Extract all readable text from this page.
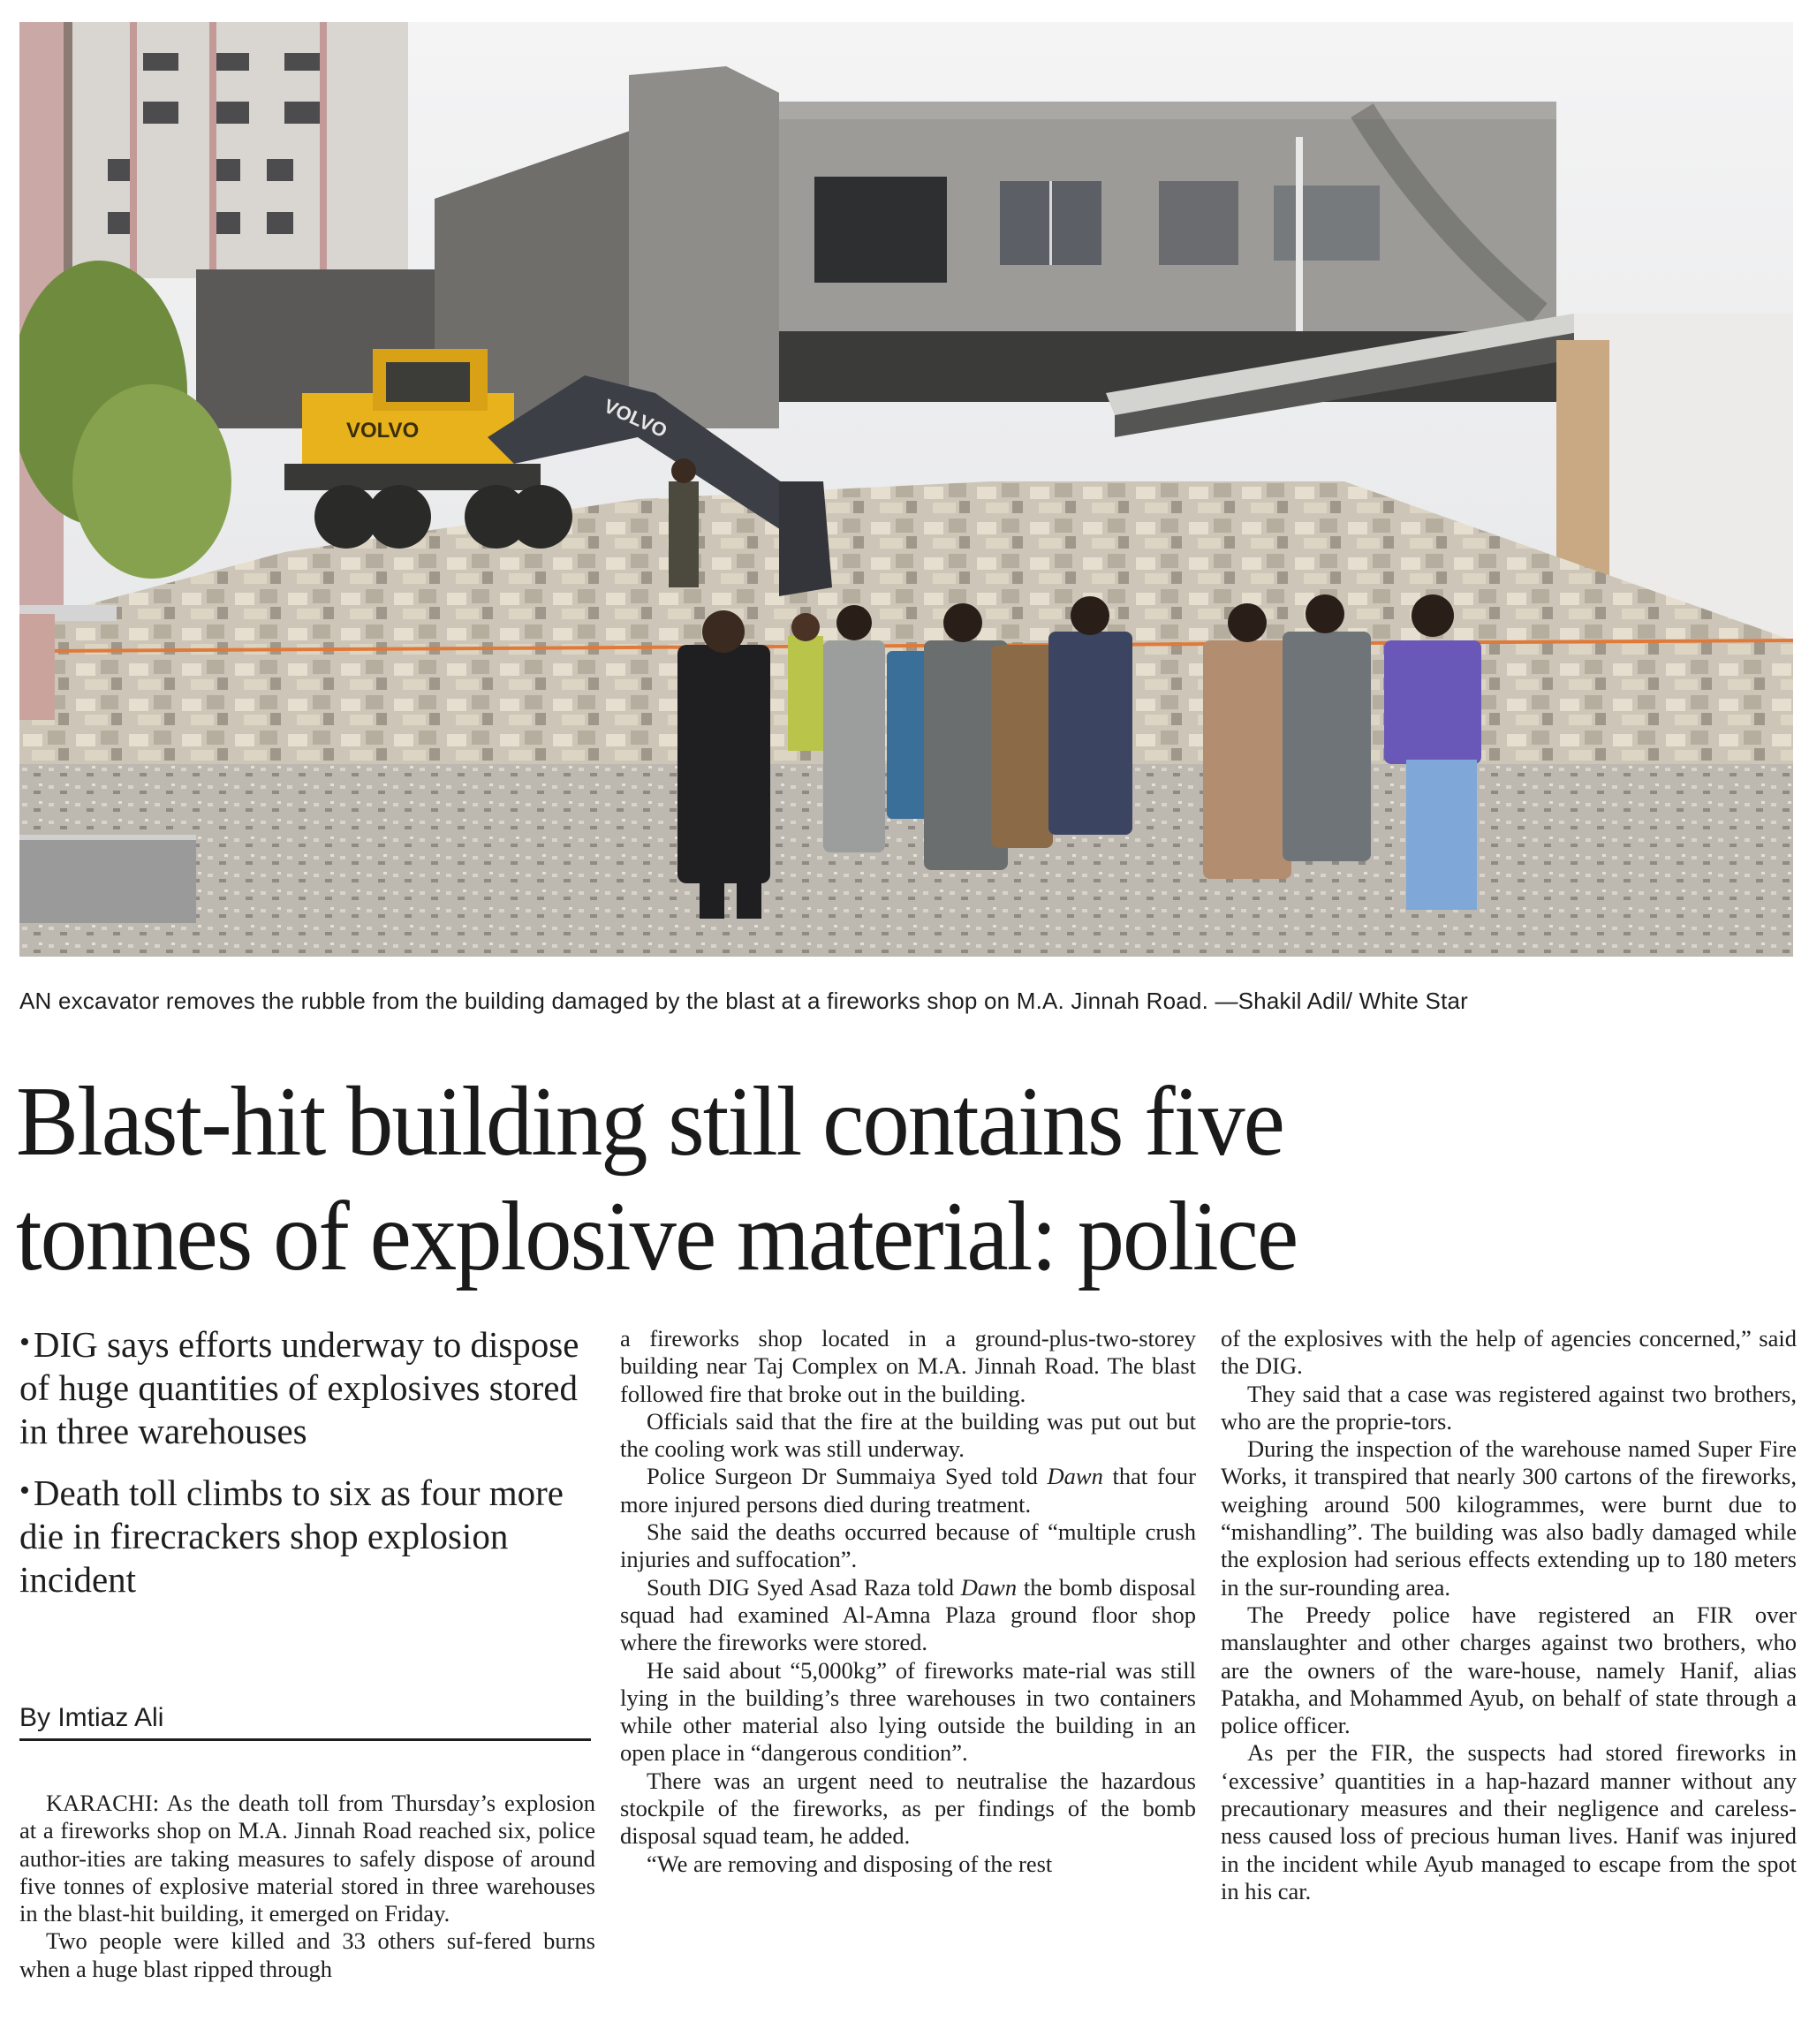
VOLVO	VOLVO
AN excavator removes the rubble from the building damaged by the blast at a fireworks shop on M.A. Jinnah Road. —Shakil Adil/ White Star
Blast-hit building still contains five
tonnes of explosive material: police
•DIG says efforts underway to dispose of huge quantities of explosives stored in three warehouses
•Death toll climbs to six as four more die in firecrackers shop explosion incident
By Imtiaz Ali

KARACHI: As the death toll from Thursday’s explosion at a fireworks shop on M.A. Jinnah Road reached six, police author-ities are taking measures to safely dispose of around five tonnes of explosive material stored in three warehouses in the blast-hit building, it emerged on Friday.

Two people were killed and 33 others suf-fered burns when a huge blast ripped through

a fireworks shop located in a ground-plus-two-storey building near Taj Complex on M.A. Jinnah Road. The blast followed fire that broke out in the building.

Officials said that the fire at the building was put out but the cooling work was still underway.

Police Surgeon Dr Summaiya Syed told Dawn that four more injured persons died during treatment.

She said the deaths occurred because of “multiple crush injuries and suffocation”.

South DIG Syed Asad Raza told Dawn the bomb disposal squad had examined Al-Amna Plaza ground floor shop where the fireworks were stored.

He said about “5,000kg” of fireworks mate-rial was still lying in the building’s three warehouses in two containers while other material also lying outside the building in an open place in “dangerous condition”.

There was an urgent need to neutralise the hazardous stockpile of the fireworks, as per findings of the bomb disposal squad team, he added.

“We are removing and disposing of the rest

of the explosives with the help of agencies concerned,” said the DIG.

They said that a case was registered against two brothers, who are the proprie-tors.

During the inspection of the warehouse named Super Fire Works, it transpired that nearly 300 cartons of the fireworks, weighing around 500 kilogrammes, were burnt due to “mishandling”. The building was also badly damaged while the explosion had serious effects extending up to 180 meters in the sur-rounding area.

The Preedy police have registered an FIR over manslaughter and other charges against two brothers, who are the owners of the ware-house, namely Hanif, alias Patakha, and Mohammed Ayub, on behalf of state through a police officer.

As per the FIR, the suspects had stored fireworks in ‘excessive’ quantities in a hap-hazard manner without any precautionary measures and their negligence and careless-ness caused loss of precious human lives. Hanif was injured in the incident while Ayub managed to escape from the spot in his car.
